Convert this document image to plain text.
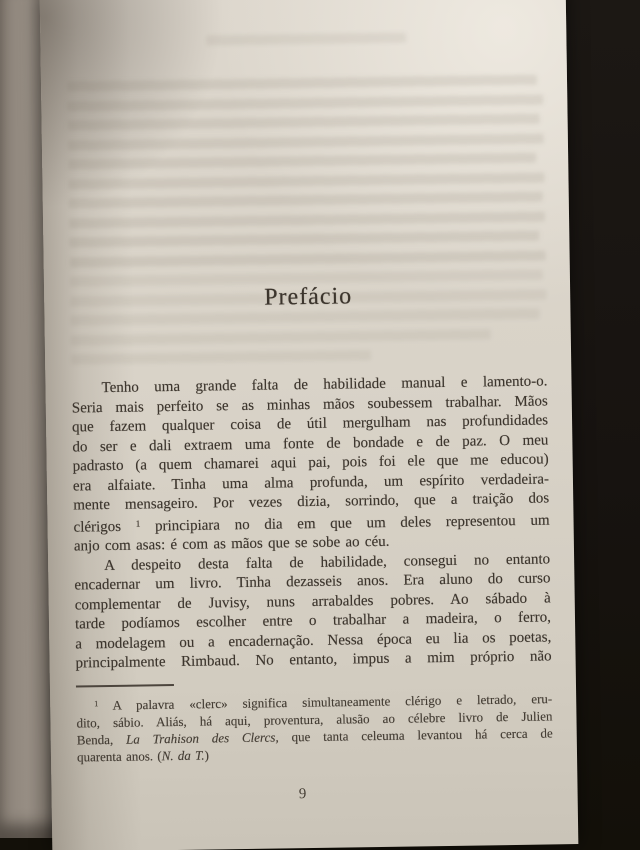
Prefácio
Tenho uma grande falta de habilidade manual e lamento-o.
Seria mais perfeito se as minhas mãos soubessem trabalhar. Mãos
que fazem qualquer coisa de útil mergulham nas profundidades
do ser e dali extraem uma fonte de bondade e de paz. O meu
padrasto (a quem chamarei aqui pai, pois foi ele que me educou)
era alfaiate. Tinha uma alma profunda, um espírito verdadeira-
mente mensageiro. Por vezes dizia, sorrindo, que a traição dos
clérigos $^1$ principiara no dia em que um deles representou um
anjo com asas: é com as mãos que se sobe ao céu.
A despeito desta falta de habilidade, consegui no entanto
encadernar um livro. Tinha dezasseis anos. Era aluno do curso
complementar de Juvisy, nuns arrabaldes pobres. Ao sábado à
tarde podíamos escolher entre o trabalhar a madeira, o ferro,
a modelagem ou a encadernação. Nessa época eu lia os poetas,
principalmente Rimbaud. No entanto, impus a mim próprio não
$^1$ A palavra «clerc» significa simultaneamente clérigo e letrado, eru-
dito, sábio. Aliás, há aqui, proventura, alusão ao célebre livro de Julien
Benda, La Trahison des Clercs, que tanta celeuma levantou há cerca de
quarenta anos. (N. da T.)
9
